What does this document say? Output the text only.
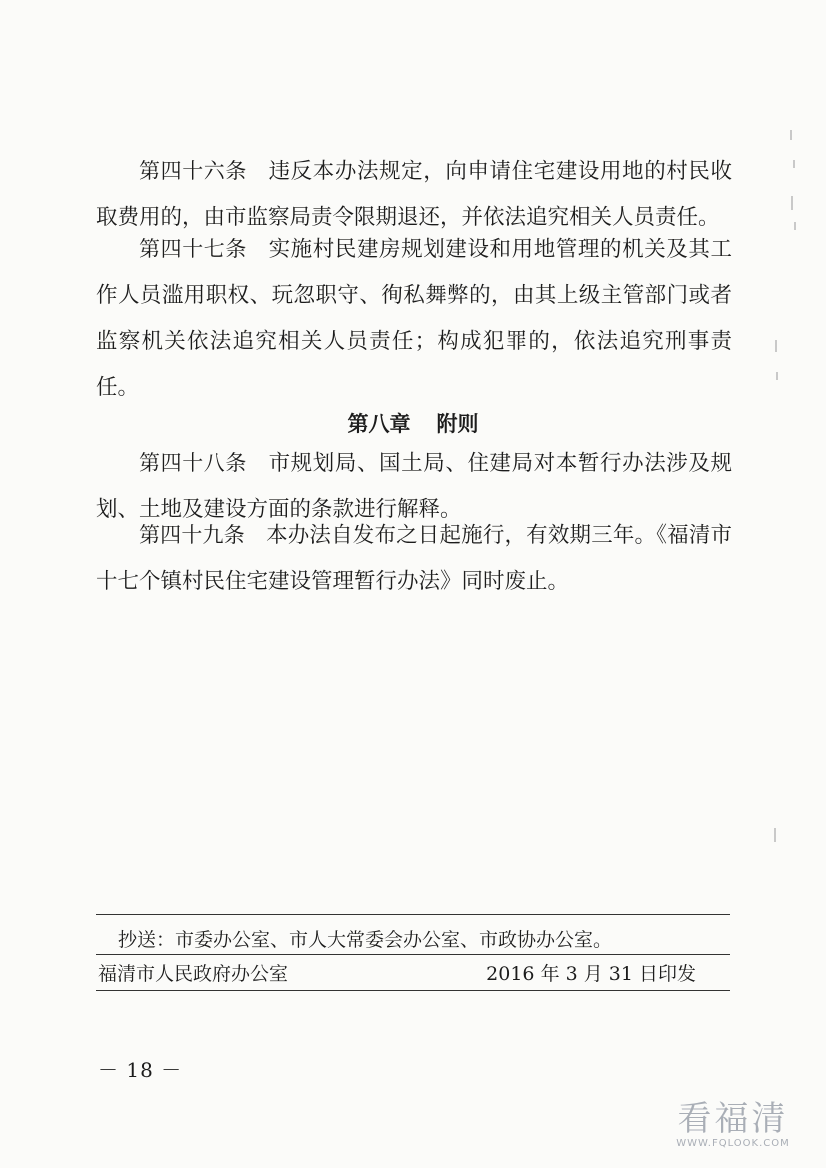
第四十六条 违反本办法规定，向申请住宅建设用地的村民收取费用的，由市监察局责令限期退还，并依法追究相关人员责任。

第四十七条 实施村民建房规划建设和用地管理的机关及其工作人员滥用职权、玩忽职守、徇私舞弊的，由其上级主管部门或者监察机关依法追究相关人员责任；构成犯罪的，依法追究刑事责任。

第八章 附则

第四十八条 市规划局、国土局、住建局对本暂行办法涉及规划、土地及建设方面的条款进行解释。

第四十九条 本办法自发布之日起施行，有效期三年。《福清市十七个镇村民住宅建设管理暂行办法》同时废止。

抄送：市委办公室、市人大常委会办公室、市政协办公室。
福清市人民政府办公室	2016 年 3 月 31 日印发
－ 18 －
看福清
WWW.FQLOOK.COM
